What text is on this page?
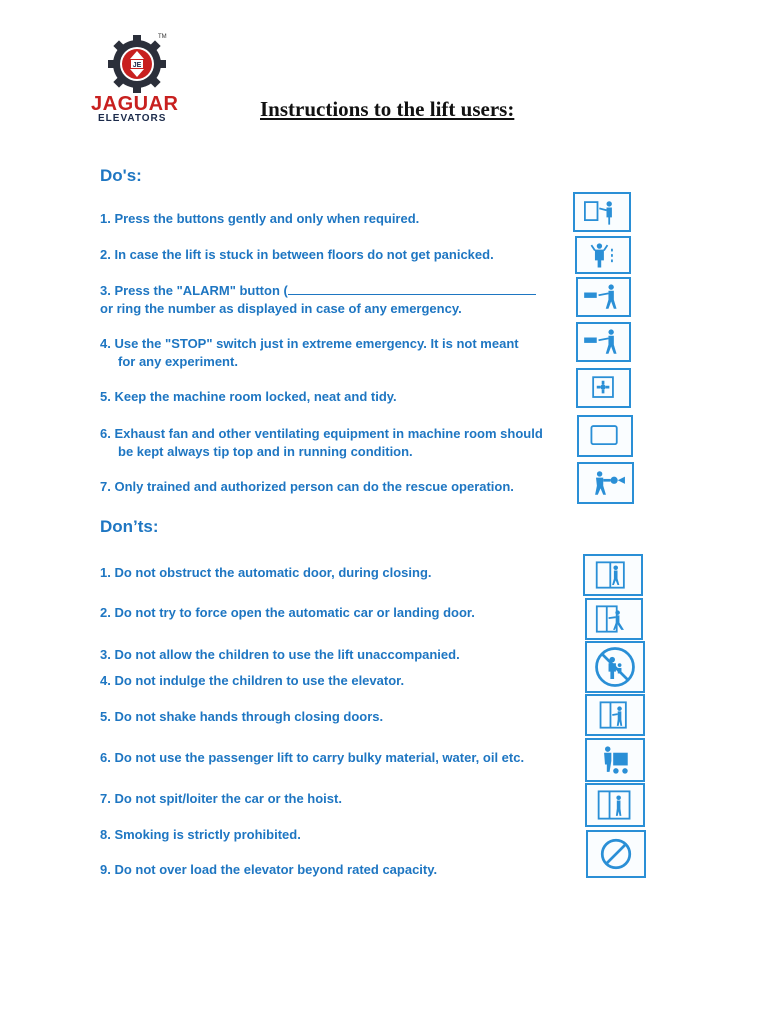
JE
TM
JAGUAR
ELEVATORS	Instructions to the lift users:
Do's:
1. Press the buttons gently and only when required.
2. In case the lift is stuck in between floors do not get panicked.
3. Press the "ALARM" button (
or ring the number as displayed in case of any emergency.
4. Use the "STOP" switch just in extreme emergency. It is not meant
for any experiment.
5. Keep the machine room locked, neat and tidy.
6. Exhaust fan and other ventilating equipment in machine room should
be kept always tip top and in running condition.
7. Only trained and authorized person can do the rescue operation.
Don’ts:
1. Do not obstruct the automatic door, during closing.
2. Do not try to force open the automatic car or landing door.
3. Do not allow the children to use the lift unaccompanied.
4. Do not indulge the children to use the elevator.
5. Do not shake hands through closing doors.
6. Do not use the passenger lift to carry bulky material, water, oil etc.
7. Do not spit/loiter the car or the hoist.
8. Smoking is strictly prohibited.
9. Do not over load the elevator beyond rated capacity.
